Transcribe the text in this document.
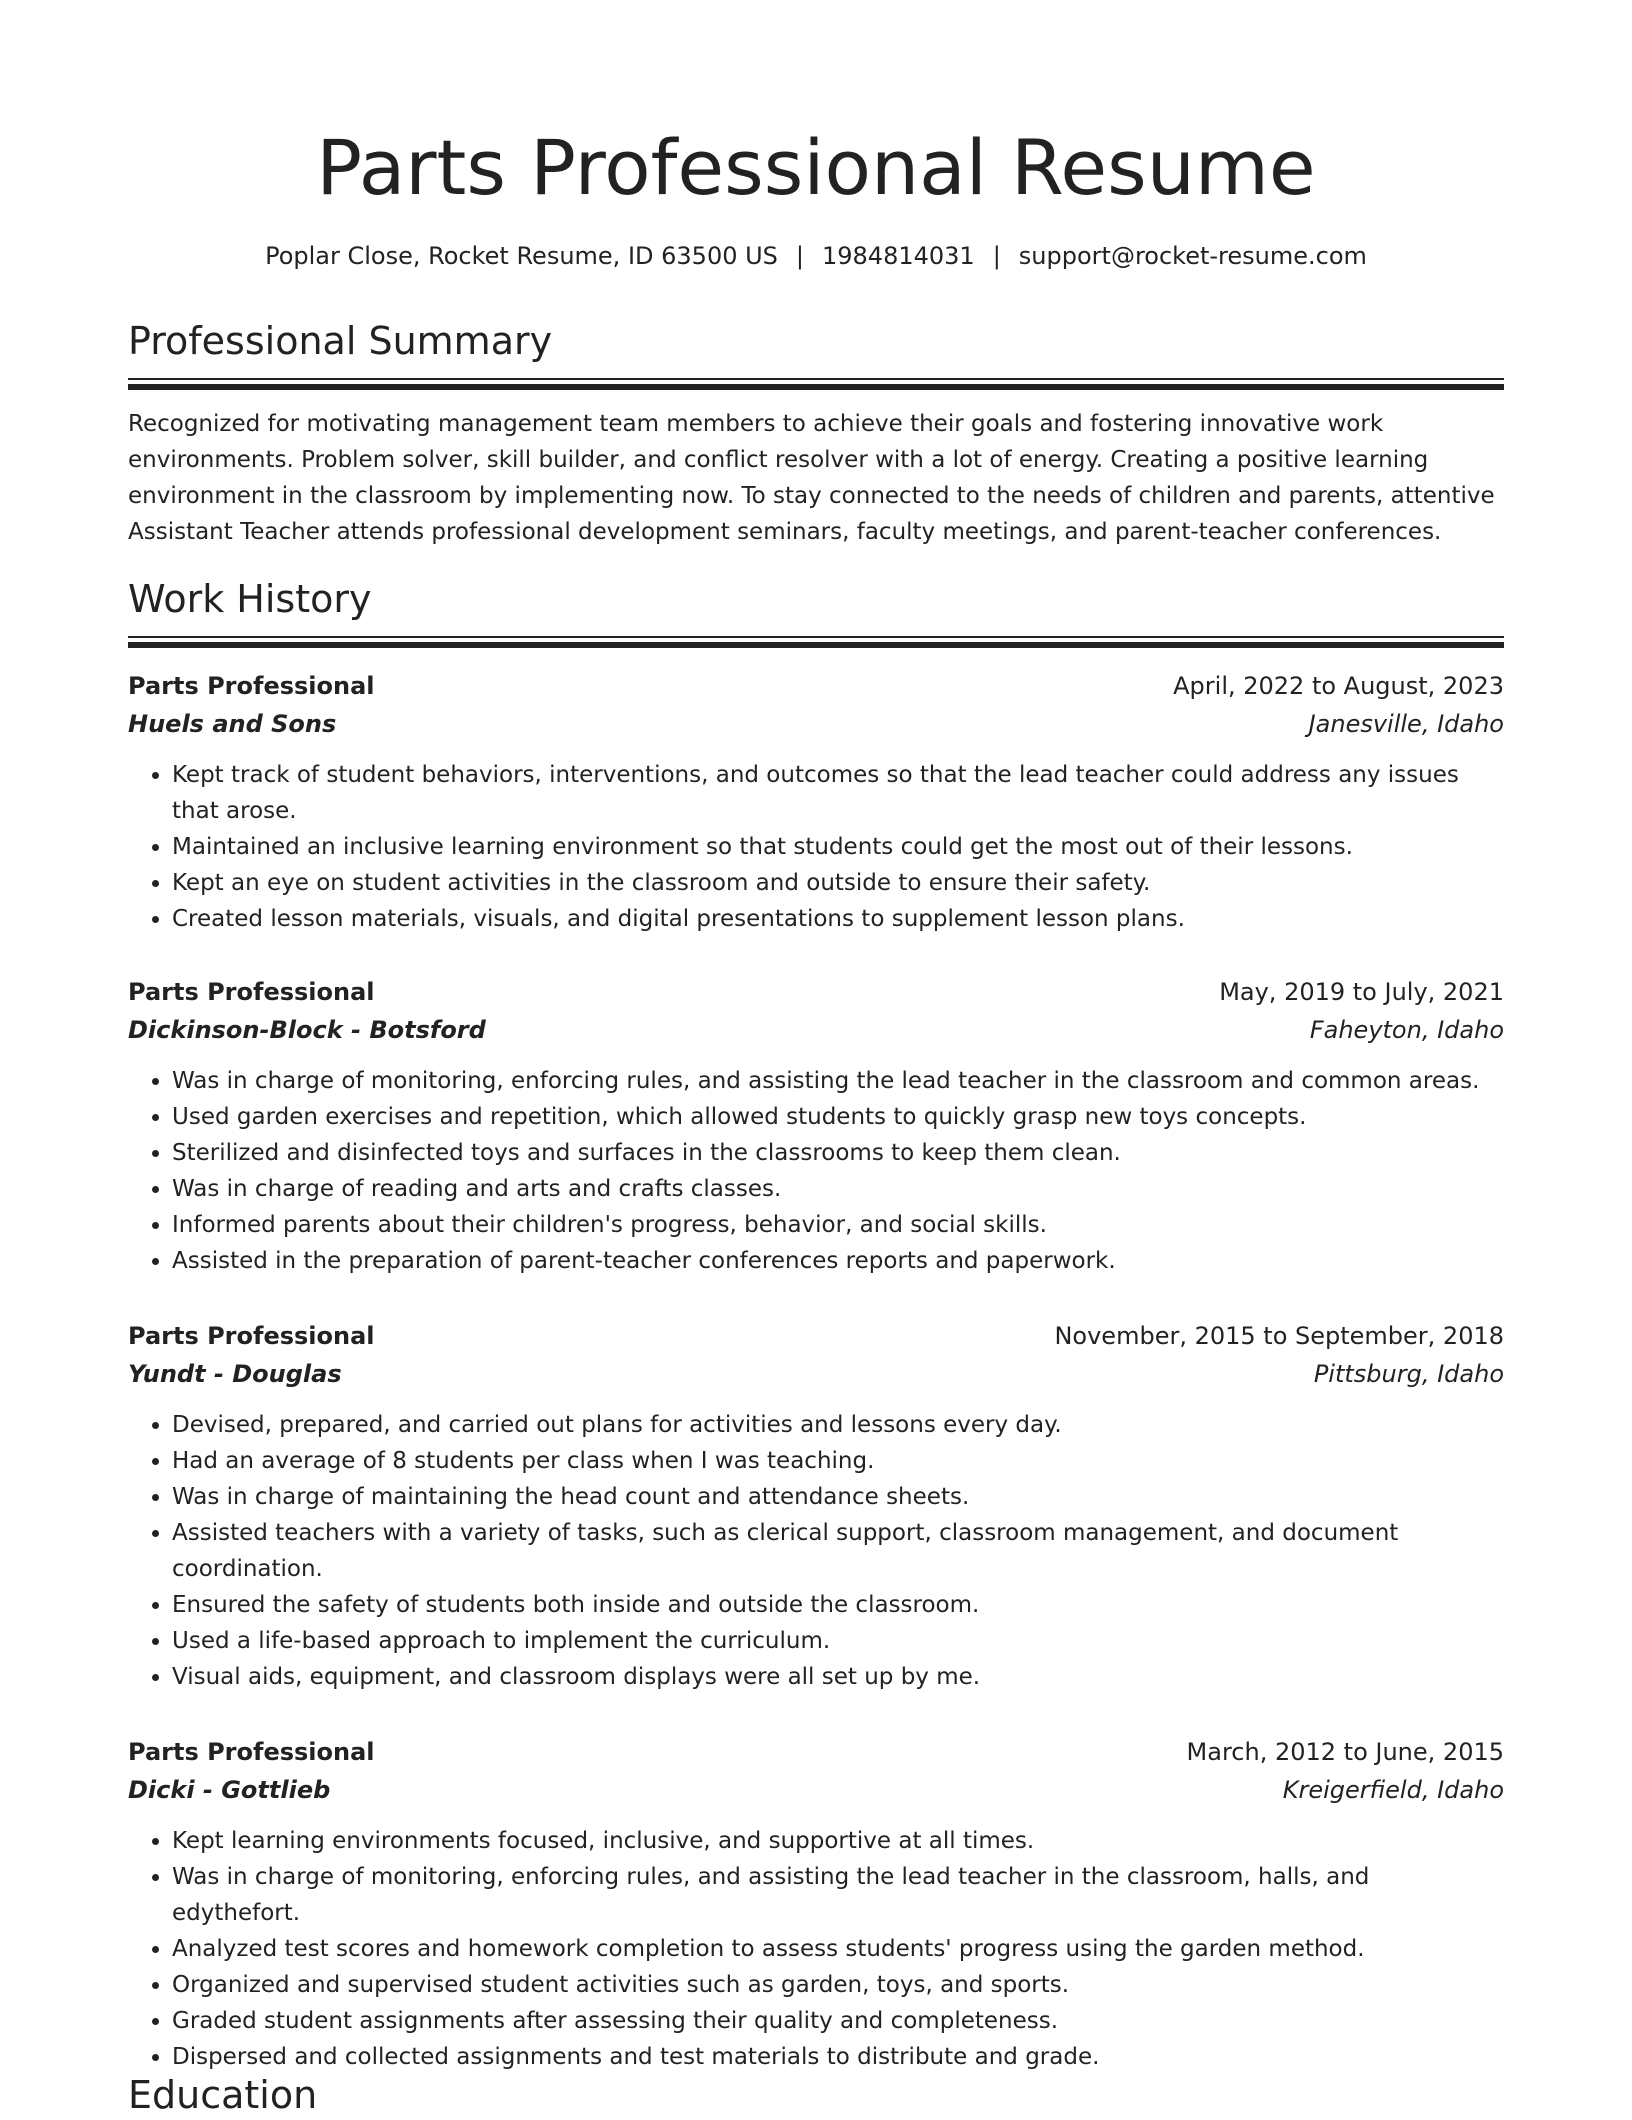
Parts Professional Resume
Poplar Close, Rocket Resume, ID 63500 US | 1984814031 | support@rocket-resume.com
Professional Summary

Recognized for motivating management team members to achieve their goals and fostering innovative work environments. Problem solver, skill builder, and conflict resolver with a lot of energy. Creating a positive learning environment in the classroom by implementing now. To stay connected to the needs of children and parents, attentive Assistant Teacher attends professional development seminars, faculty meetings, and parent-teacher conferences.

Work History
Parts Professional	April, 2022 to August, 2023
Huels and Sons	Janesville, Idaho
• Kept track of student behaviors, interventions, and outcomes so that the lead teacher could address any issues that arose.
• Maintained an inclusive learning environment so that students could get the most out of their lessons.
• Kept an eye on student activities in the classroom and outside to ensure their safety.
• Created lesson materials, visuals, and digital presentations to supplement lesson plans.
Parts Professional	May, 2019 to July, 2021
Dickinson-Block - Botsford	Faheyton, Idaho
• Was in charge of monitoring, enforcing rules, and assisting the lead teacher in the classroom and common areas.
• Used garden exercises and repetition, which allowed students to quickly grasp new toys concepts.
• Sterilized and disinfected toys and surfaces in the classrooms to keep them clean.
• Was in charge of reading and arts and crafts classes.
• Informed parents about their children's progress, behavior, and social skills.
• Assisted in the preparation of parent-teacher conferences reports and paperwork.
Parts Professional	November, 2015 to September, 2018
Yundt - Douglas	Pittsburg, Idaho
• Devised, prepared, and carried out plans for activities and lessons every day.
• Had an average of 8 students per class when I was teaching.
• Was in charge of maintaining the head count and attendance sheets.
• Assisted teachers with a variety of tasks, such as clerical support, classroom management, and document coordination.
• Ensured the safety of students both inside and outside the classroom.
• Used a life-based approach to implement the curriculum.
• Visual aids, equipment, and classroom displays were all set up by me.
Parts Professional	March, 2012 to June, 2015
Dicki - Gottlieb	Kreigerfield, Idaho
• Kept learning environments focused, inclusive, and supportive at all times.
• Was in charge of monitoring, enforcing rules, and assisting the lead teacher in the classroom, halls, and edythefort.
• Analyzed test scores and homework completion to assess students' progress using the garden method.
• Organized and supervised student activities such as garden, toys, and sports.
• Graded student assignments after assessing their quality and completeness.
• Dispersed and collected assignments and test materials to distribute and grade.
Education
